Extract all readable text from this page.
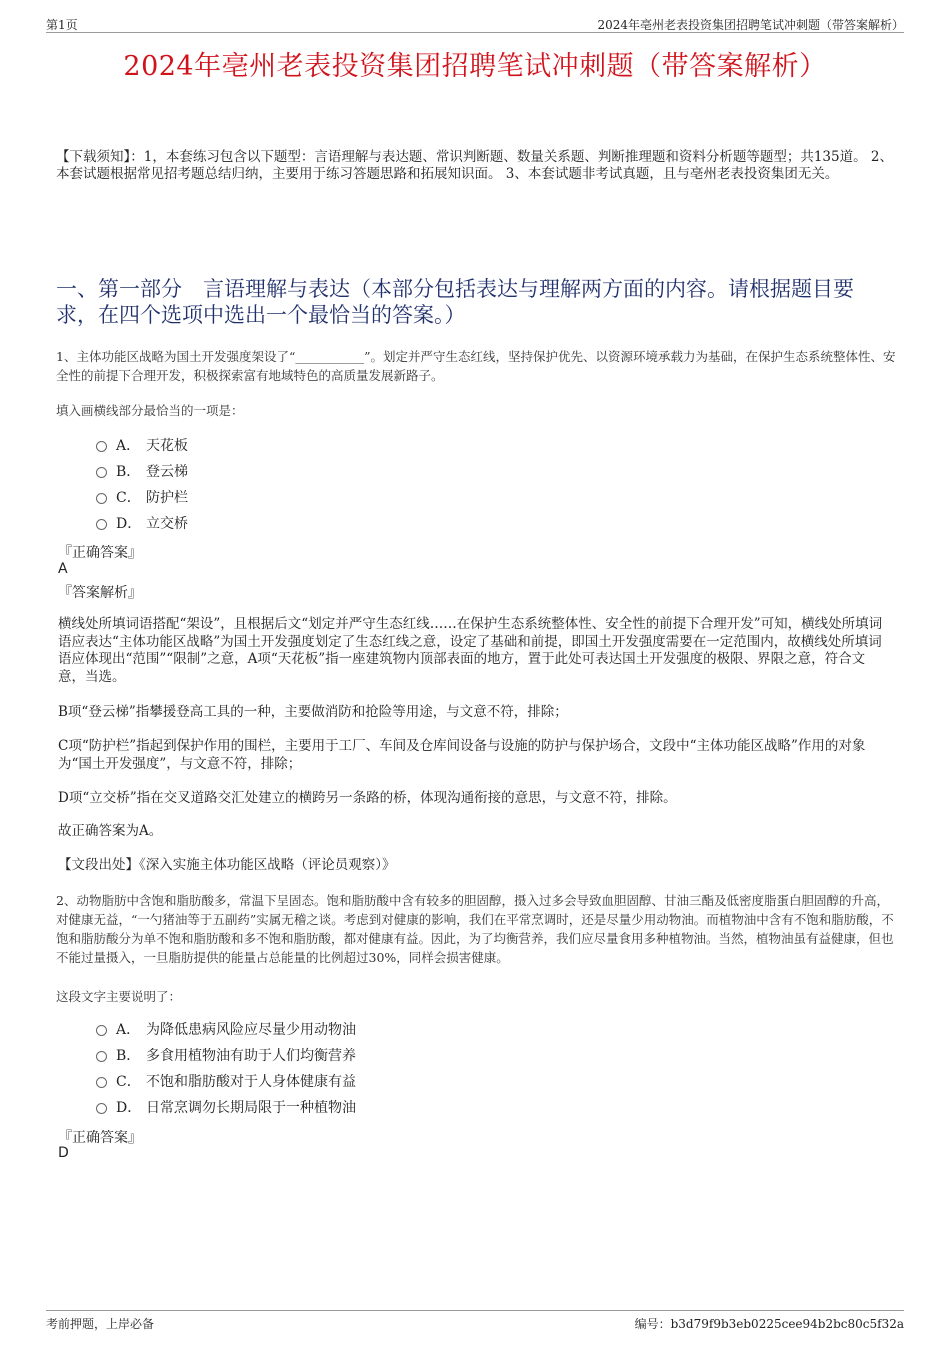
第1页	2024年亳州老表投资集团招聘笔试冲刺题（带答案解析）
2024年亳州老表投资集团招聘笔试冲刺题（带答案解析）
【下载须知】：1，本套练习包含以下题型：言语理解与表达题、常识判断题、数量关系题、判断推理题和资料分析题等题型；共135道。 2、本套试题根据常见招考题总结归纳，主要用于练习答题思路和拓展知识面。 3、本套试题非考试真题，且与亳州老表投资集团无关。
一、第一部分　言语理解与表达（本部分包括表达与理解两方面的内容。请根据题目要求，在四个选项中选出一个最恰当的答案。）
1、主体功能区战略为国土开发强度架设了“___________”。划定并严守生态红线，坚持保护优先、以资源环境承载力为基础，在保护生态系统整体性、安全性的前提下合理开发，积极探索富有地域特色的高质量发展新路子。
填入画横线部分最恰当的一项是：
A． 天花板
B． 登云梯
C． 防护栏
D． 立交桥
『正确答案』
A
『答案解析』
横线处所填词语搭配“架设”，且根据后文“划定并严守生态红线……在保护生态系统整体性、安全性的前提下合理开发”可知，横线处所填词语应表达“主体功能区战略”为国土开发强度划定了生态红线之意，设定了基础和前提，即国土开发强度需要在一定范围内，故横线处所填词语应体现出“范围”“限制”之意，A项“天花板”指一座建筑物内顶部表面的地方，置于此处可表达国土开发强度的极限、界限之意，符合文意，当选。
B项“登云梯”指攀援登高工具的一种，主要做消防和抢险等用途，与文意不符，排除；
C项“防护栏”指起到保护作用的围栏，主要用于工厂、车间及仓库间设备与设施的防护与保护场合，文段中“主体功能区战略”作用的对象为“国土开发强度”，与文意不符，排除；
D项“立交桥”指在交叉道路交汇处建立的横跨另一条路的桥，体现沟通衔接的意思，与文意不符，排除。
故正确答案为A。
【文段出处】《深入实施主体功能区战略（评论员观察）》
2、动物脂肪中含饱和脂肪酸多，常温下呈固态。饱和脂肪酸中含有较多的胆固醇，摄入过多会导致血胆固醇、甘油三酯及低密度脂蛋白胆固醇的升高，对健康无益，“一勺猪油等于五副药”实属无稽之谈。考虑到对健康的影响，我们在平常烹调时，还是尽量少用动物油。而植物油中含有不饱和脂肪酸，不饱和脂肪酸分为单不饱和脂肪酸和多不饱和脂肪酸，都对健康有益。因此，为了均衡营养，我们应尽量食用多种植物油。当然，植物油虽有益健康，但也不能过量摄入，一旦脂肪提供的能量占总能量的比例超过30%，同样会损害健康。
这段文字主要说明了：
A． 为降低患病风险应尽量少用动物油
B． 多食用植物油有助于人们均衡营养
C． 不饱和脂肪酸对于人身体健康有益
D． 日常烹调勿长期局限于一种植物油
『正确答案』
D
考前押题，上岸必备	编号：b3d79f9b3eb0225cee94b2bc80c5f32a
